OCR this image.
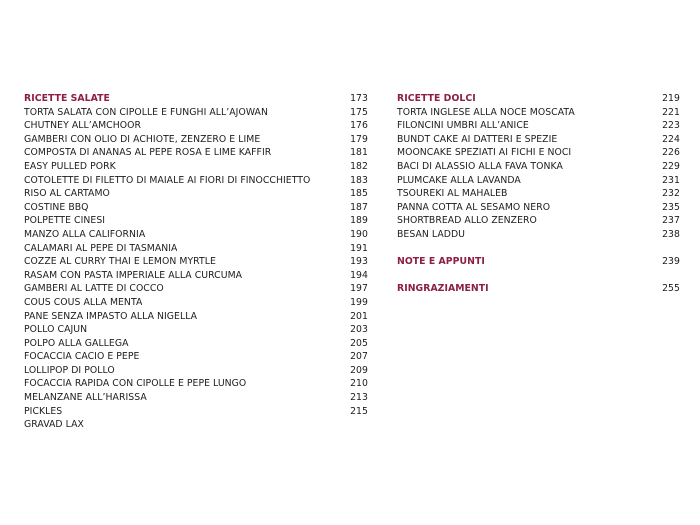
RICETTE SALATE	173
TORTA SALATA CON CIPOLLE E FUNGHI ALL’AJOWAN	175
CHUTNEY ALL’AMCHOOR	176
GAMBERI CON OLIO DI ACHIOTE, ZENZERO E LIME	179
COMPOSTA DI ANANAS AL PEPE ROSA E LIME KAFFIR	181
EASY PULLED PORK	182
COTOLETTE DI FILETTO DI MAIALE AI FIORI DI FINOCCHIETTO	183
RISO AL CARTAMO	185
COSTINE BBQ	187
POLPETTE CINESI	189
MANZO ALLA CALIFORNIA	190
CALAMARI AL PEPE DI TASMANIA	191
COZZE AL CURRY THAI E LEMON MYRTLE	193
RASAM CON PASTA IMPERIALE ALLA CURCUMA	194
GAMBERI AL LATTE DI COCCO	197
COUS COUS ALLA MENTA	199
PANE SENZA IMPASTO ALLA NIGELLA	201
POLLO CAJUN	203
POLPO ALLA GALLEGA	205
FOCACCIA CACIO E PEPE	207
LOLLIPOP DI POLLO	209
FOCACCIA RAPIDA CON CIPOLLE E PEPE LUNGO	210
MELANZANE ALL’HARISSA	213
PICKLES	215
GRAVAD LAX
RICETTE DOLCI	219
TORTA INGLESE ALLA NOCE MOSCATA	221
FILONCINI UMBRI ALL’ANICE	223
BUNDT CAKE AI DATTERI E SPEZIE	224
MOONCAKE SPEZIATI AI FICHI E NOCI	226
BACI DI ALASSIO ALLA FAVA TONKA	229
PLUMCAKE ALLA LAVANDA	231
TSOUREKI AL MAHALEB	232
PANNA COTTA AL SESAMO NERO	235
SHORTBREAD ALLO ZENZERO	237
BESAN LADDU	238
NOTE E APPUNTI	239
RINGRAZIAMENTI	255
